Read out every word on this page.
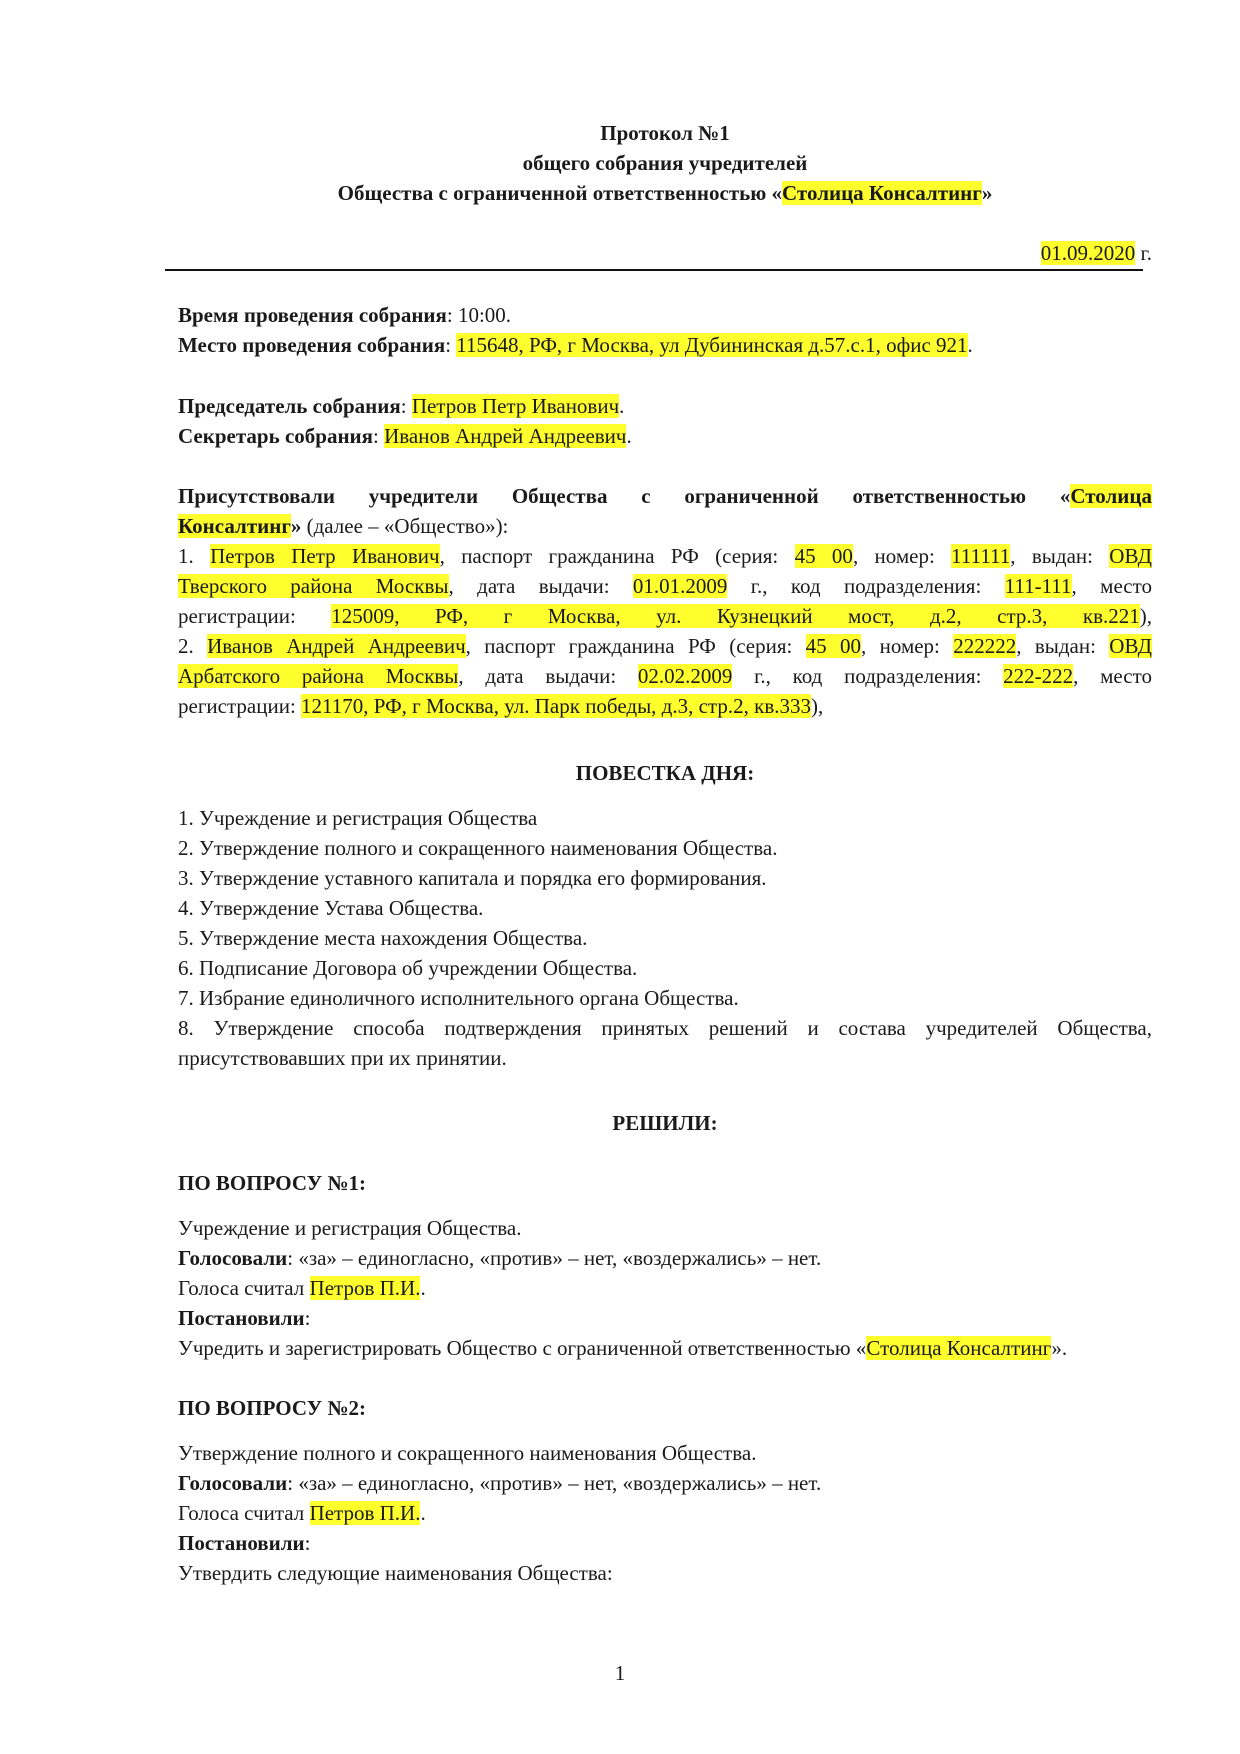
Протокол №1
общего собрания учредителей
Общества с ограниченной ответственностью «Столица Консалтинг»
01.09.2020 г.
Время проведения собрания: 10:00.
Место проведения собрания: 115648, РФ, г Москва, ул Дубининская д.57.с.1, офис 921.
Председатель собрания: Петров Петр Иванович.
Секретарь собрания: Иванов Андрей Андреевич.
Присутствовали учредители Общества с ограниченной ответственностью «Столица
Консалтинг» (далее – «Общество»):
1. Петров Петр Иванович, паспорт гражданина РФ (серия: 45 00, номер: 111111, выдан: ОВД
Тверского района Москвы, дата выдачи: 01.01.2009 г., код подразделения: 111-111, место
регистрации: 125009, РФ, г Москва, ул. Кузнецкий мост, д.2, стр.3, кв.221),
2. Иванов Андрей Андреевич, паспорт гражданина РФ (серия: 45 00, номер: 222222, выдан: ОВД
Арбатского района Москвы, дата выдачи: 02.02.2009 г., код подразделения: 222-222, место
регистрации: 121170, РФ, г Москва, ул. Парк победы, д.3, стр.2, кв.333),
ПОВЕСТКА ДНЯ:
1. Учреждение и регистрация Общества
2. Утверждение полного и сокращенного наименования Общества.
3. Утверждение уставного капитала и порядка его формирования.
4. Утверждение Устава Общества.
5. Утверждение места нахождения Общества.
6. Подписание Договора об учреждении Общества.
7. Избрание единоличного исполнительного органа Общества.
8. Утверждение способа подтверждения принятых решений и состава учредителей Общества,
присутствовавших при их принятии.
РЕШИЛИ:
ПО ВОПРОСУ №1:
Учреждение и регистрация Общества.
Голосовали: «за» – единогласно, «против» – нет, «воздержались» – нет.
Голоса считал Петров П.И..
Постановили:
Учредить и зарегистрировать Общество с ограниченной ответственностью «Столица Консалтинг».
ПО ВОПРОСУ №2:
Утверждение полного и сокращенного наименования Общества.
Голосовали: «за» – единогласно, «против» – нет, «воздержались» – нет.
Голоса считал Петров П.И..
Постановили:
Утвердить следующие наименования Общества:
1
